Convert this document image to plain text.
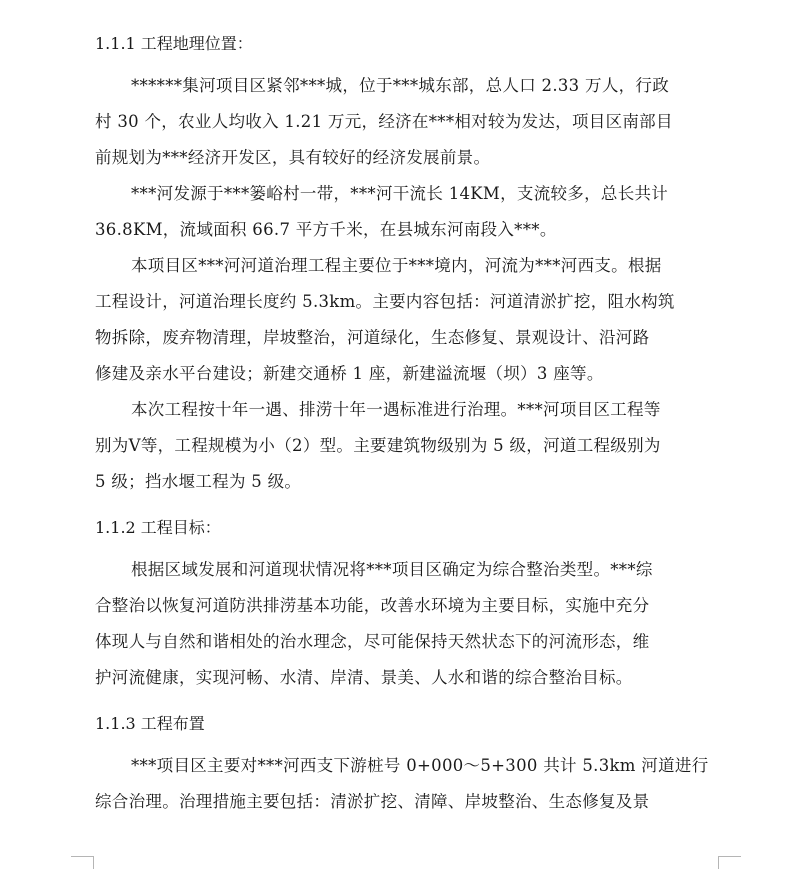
1.1.1 工程地理位置：
******集河项目区紧邻***城，位于***城东部，总人口 2.33 万人，行政
村 30 个，农业人均收入 1.21 万元，经济在***相对较为发达，项目区南部目
前规划为***经济开发区，具有较好的经济发展前景。
***河发源于***篓峪村一带，***河干流长 14KM，支流较多，总长共计
36.8KM，流域面积 66.7 平方千米，在县城东河南段入***。
本项目区***河河道治理工程主要位于***境内，河流为***河西支。根据
工程设计，河道治理长度约 5.3km。主要内容包括：河道清淤扩挖，阻水构筑
物拆除，废弃物清理，岸坡整治，河道绿化，生态修复、景观设计、沿河路
修建及亲水平台建设；新建交通桥 1 座，新建溢流堰（坝）3 座等。
本次工程按十年一遇、排涝十年一遇标准进行治理。***河项目区工程等
别为Ⅴ等，工程规模为小（2）型。主要建筑物级别为 5 级，河道工程级别为
5 级；挡水堰工程为 5 级。
1.1.2 工程目标：
根据区域发展和河道现状情况将***项目区确定为综合整治类型。***综
合整治以恢复河道防洪排涝基本功能，改善水环境为主要目标，实施中充分
体现人与自然和谐相处的治水理念，尽可能保持天然状态下的河流形态，维
护河流健康，实现河畅、水清、岸清、景美、人水和谐的综合整治目标。
1.1.3 工程布置
***项目区主要对***河西支下游桩号 0+000～5+300 共计 5.3km 河道进行
综合治理。治理措施主要包括：清淤扩挖、清障、岸坡整治、生态修复及景
